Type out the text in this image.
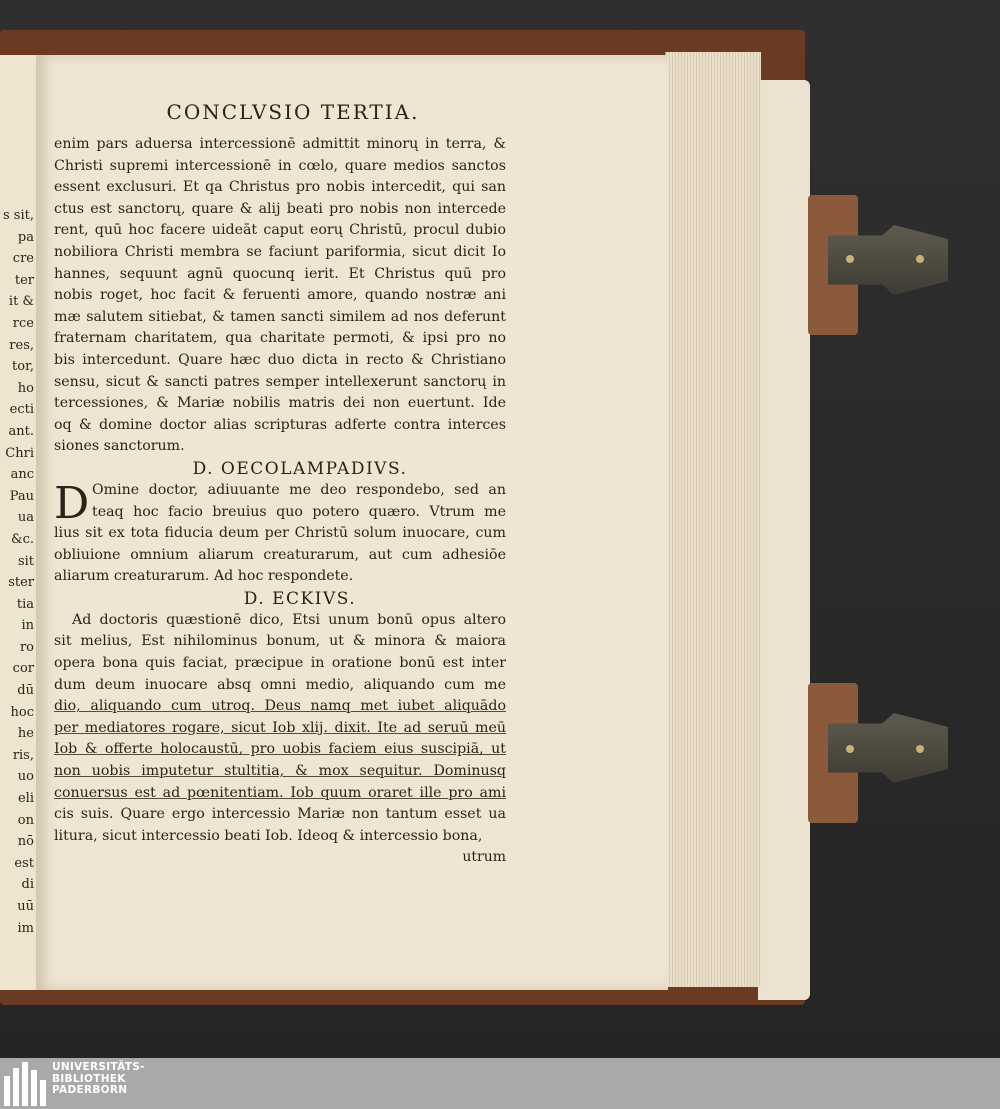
s sit,
pa
cre
ter
it &
rce
res,
tor,
ho
ecti
ant.
Chri
anc
Pau
ua
&c.
sit
ster
tia
in
ro
cor
dū
hoc
he
ris,
uo
eli
on
nō
est
di
uū
im
CONCLVSIO TERTIA.
enim pars aduersa intercessionē admittit minorų in terra, &
Christi supremi intercessionē in cœlo, quare medios sanctos
essent exclusuri. Et qa Christus pro nobis intercedit, qui san
ctus est sanctorų, quare & alij beati pro nobis non intercede
rent, quū hoc facere uideāt caput eorų Christū, procul dubio
nobiliora Christi membra se faciunt pariformia, sicut dicit Io
hannes, sequunt agnū quocunq ierit. Et Christus quū pro
nobis roget, hoc facit & feruenti amore, quando nostræ ani
mæ salutem sitiebat, & tamen sancti similem ad nos deferunt
fraternam charitatem, qua charitate permoti, & ipsi pro no
bis intercedunt. Quare hæc duo dicta in recto & Christiano
sensu, sicut & sancti patres semper intellexerunt sanctorų in
tercessiones, & Mariæ nobilis matris dei non euertunt. Ide
oq & domine doctor alias scripturas adferte contra interces
siones sanctorum.
D. OECOLAMPADIVS.
D Omine doctor, adiuuante me deo respondebo, sed an
teaq hoc facio breuius quo potero quæro. Vtrum me
lius sit ex tota fiducia deum per Christū solum inuocare, cum
obliuione omnium aliarum creaturarum, aut cum adhesiōe
aliarum creaturarum. Ad hoc respondete.
D. ECKIVS.
Ad doctoris quæstionē dico, Etsi unum bonū opus altero
sit melius, Est nihilominus bonum, ut & minora & maiora
opera bona quis faciat, præcipue in oratione bonū est inter
dum deum inuocare absq omni medio, aliquando cum me
dio, aliquando cum utroq. Deus namq met iubet aliquādo
per mediatores rogare, sicut Iob xlij. dixit. Ite ad seruū meū
Iob & offerte holocaustū, pro uobis faciem eius suscipiā, ut
non uobis imputetur stultitia, & mox sequitur. Dominusq
conuersus est ad pœnitentiam. Iob quum oraret ille pro ami
cis suis. Quare ergo intercessio Mariæ non tantum esset ua
litura, sicut intercessio beati Iob. Ideoq & intercessio bona,
utrum
UNIVERSITÄTS-
BIBLIOTHEK
PADERBORN
